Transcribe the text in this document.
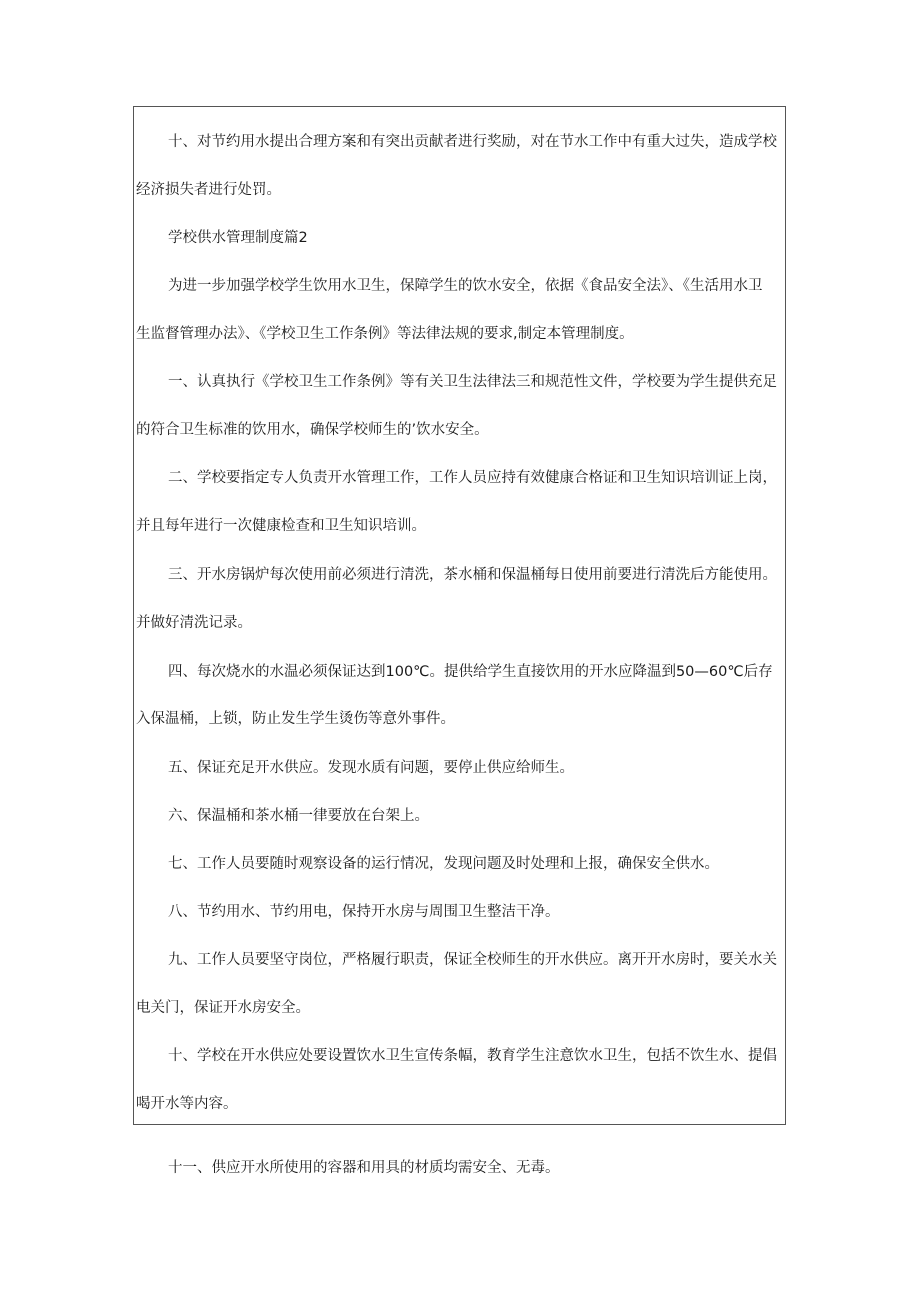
十、对节约用水提出合理方案和有突出贡献者进行奖励，对在节水工作中有重大过失，造成学校

经济损失者进行处罚。

学校供水管理制度篇2

为进一步加强学校学生饮用水卫生，保障学生的饮水安全，依据《食品安全法》、《生活用水卫

生监督管理办法》、《学校卫生工作条例》等法律法规的要求,制定本管理制度。

一、认真执行《学校卫生工作条例》等有关卫生法律法三和规范性文件，学校要为学生提供充足

的符合卫生标准的饮用水，确保学校师生的’饮水安全。

二、学校要指定专人负责开水管理工作，工作人员应持有效健康合格证和卫生知识培训证上岗，

并且每年进行一次健康检查和卫生知识培训。

三、开水房锅炉每次使用前必须进行清洗，茶水桶和保温桶每日使用前要进行清洗后方能使用。

并做好清洗记录。

四、每次烧水的水温必须保证达到100℃。提供给学生直接饮用的开水应降温到50—60℃后存

入保温桶，上锁，防止发生学生烫伤等意外事件。

五、保证充足开水供应。发现水质有问题，要停止供应给师生。

六、保温桶和茶水桶一律要放在台架上。

七、工作人员要随时观察设备的运行情况，发现问题及时处理和上报，确保安全供水。

八、节约用水、节约用电，保持开水房与周围卫生整洁干净。

九、工作人员要坚守岗位，严格履行职责，保证全校师生的开水供应。离开开水房时，要关水关

电关门，保证开水房安全。

十、学校在开水供应处要设置饮水卫生宣传条幅，教育学生注意饮水卫生，包括不饮生水、提倡

喝开水等内容。

十一、供应开水所使用的容器和用具的材质均需安全、无毒。
